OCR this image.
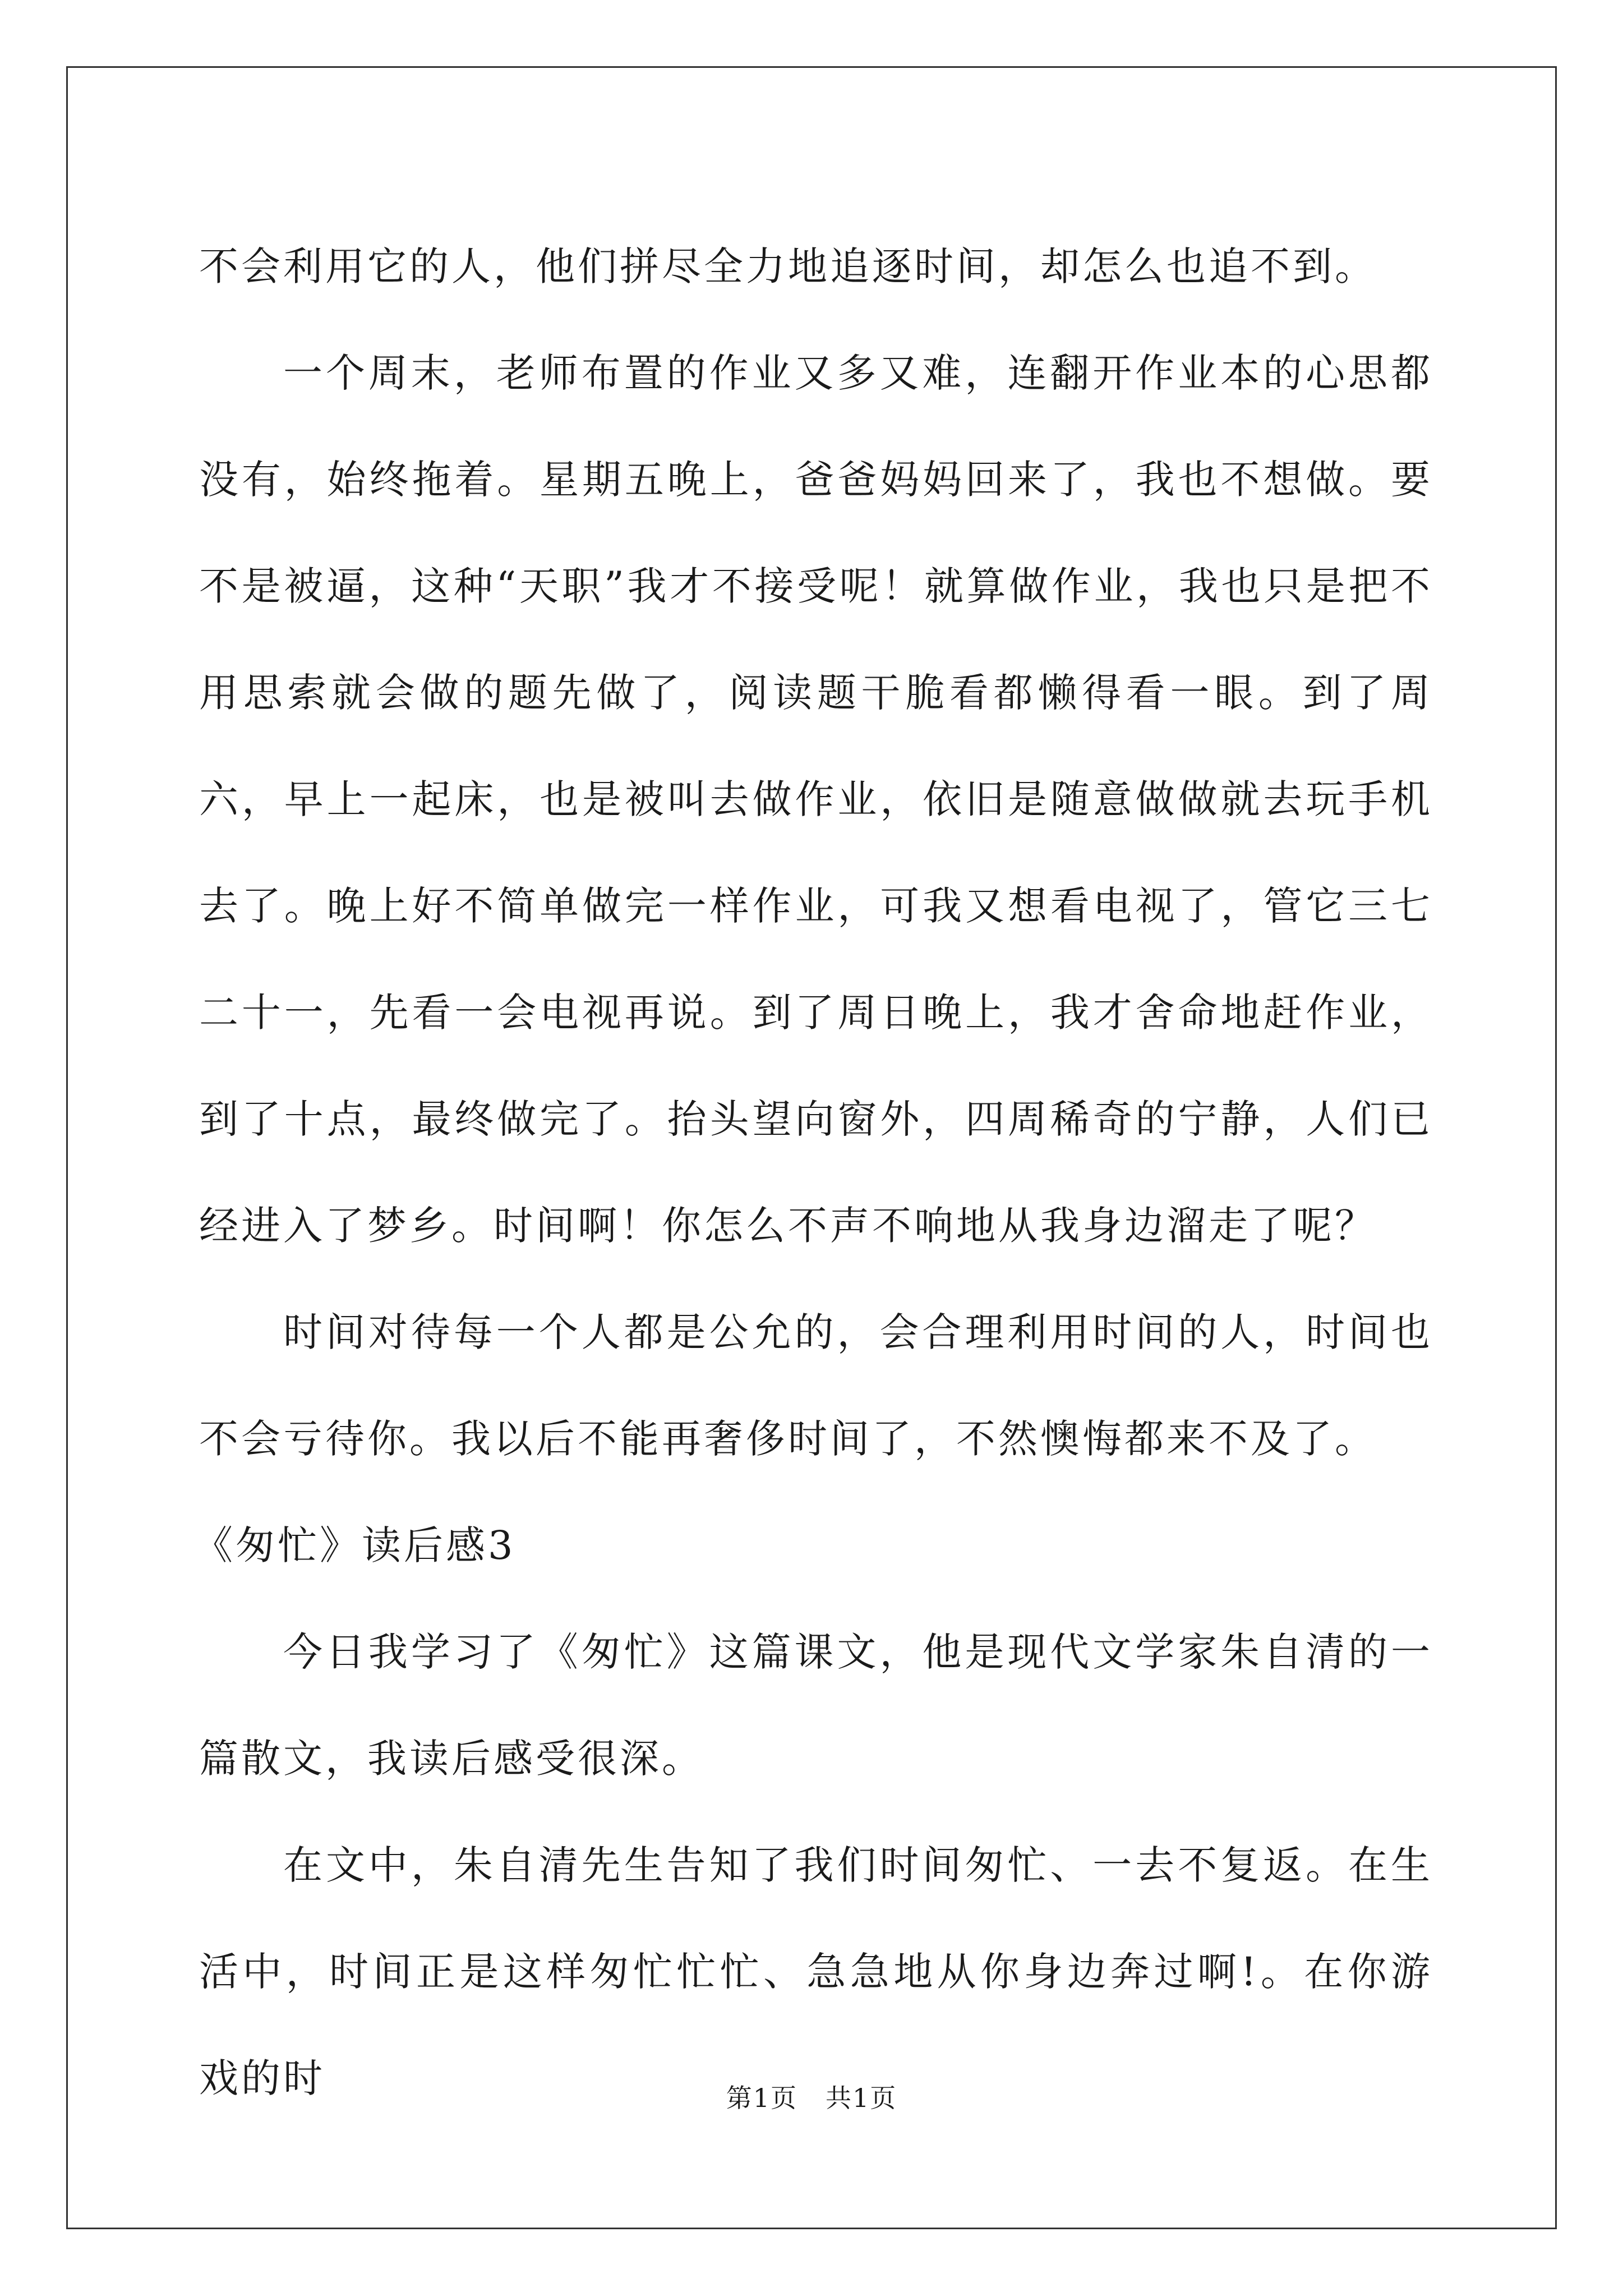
不会利用它的人，他们拼尽全力地追逐时间，却怎么也追不到。

一个周末，老师布置的作业又多又难，连翻开作业本的心思都没有，始终拖着。星期五晚上，爸爸妈妈回来了，我也不想做。要不是被逼，这种“天职”我才不接受呢！就算做作业，我也只是把不用思索就会做的题先做了，阅读题干脆看都懒得看一眼。到了周六，早上一起床，也是被叫去做作业，依旧是随意做做就去玩手机去了。晚上好不简单做完一样作业，可我又想看电视了，管它三七二十一，先看一会电视再说。到了周日晚上，我才舍命地赶作业，到了十点，最终做完了。抬头望向窗外，四周稀奇的宁静，人们已经进入了梦乡。时间啊！你怎么不声不响地从我身边溜走了呢？

时间对待每一个人都是公允的，会合理利用时间的人，时间也不会亏待你。我以后不能再奢侈时间了，不然懊悔都来不及了。

《匆忙》读后感3

今日我学习了《匆忙》这篇课文，他是现代文学家朱自清的一篇散文，我读后感受很深。

在文中，朱自清先生告知了我们时间匆忙、一去不复返。在生活中，时间正是这样匆忙忙忙、急急地从你身边奔过啊!。在你游戏的时	第1页 共1页
